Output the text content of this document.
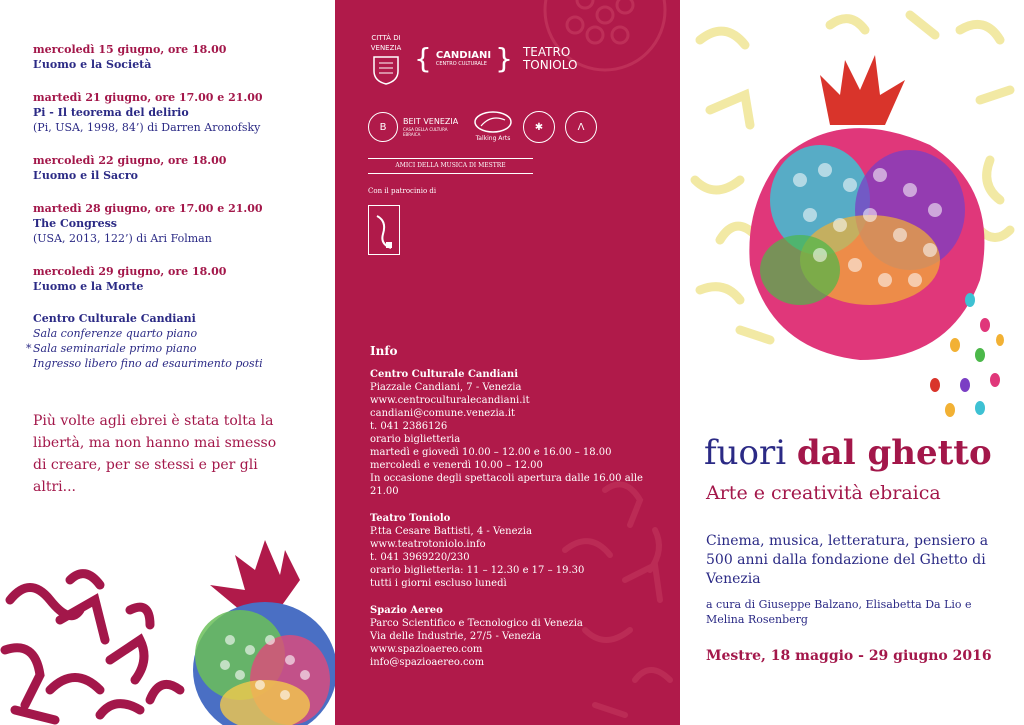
mercoledì 15 giugno, ore 18.00
L’uomo e la Società
martedì 21 giugno, ore 17.00 e 21.00
Pi - Il teorema del delirio
(Pi, USA, 1998, 84’) di Darren Aronofsky
mercoledì 22 giugno, ore 18.00
L’uomo e il Sacro
martedì 28 giugno, ore 17.00 e 21.00
The Congress
(USA, 2013, 122’) di Ari Folman
mercoledì 29 giugno, ore 18.00
L’uomo e la Morte
Centro Culturale Candiani
Sala conferenze quarto piano
* Sala seminariale primo piano
Ingresso libero fino ad esaurimento posti
Più volte agli ebrei è stata tolta la libertà, ma non hanno mai smesso di creare, per se stessi e per gli altri...
CITTÀ DI VENEZIA { CANDIANI
CENTRO CULTURALE } TEATRO TONIOLO
B	BEIT VENEZIA
CASA DELLA CULTURA EBRAICA
Talking Arts
✱	Λ
AMICI DELLA MUSICA DI MESTRE
Con il patrocinio di
Info
Centro Culturale Candiani
Piazzale Candiani, 7 - Venezia
www.centroculturalecandiani.it
candiani@comune.venezia.it
t. 041 2386126
orario biglietteria
martedì e giovedì 10.00 – 12.00 e 16.00 – 18.00
mercoledì e venerdì 10.00 – 12.00
In occasione degli spettacoli apertura dalle 16.00 alle 21.00
Teatro Toniolo
P.tta Cesare Battisti, 4 - Venezia
www.teatrotoniolo.info
t. 041 3969220/230
orario biglietteria: 11 – 12.30 e 17 – 19.30
tutti i giorni escluso lunedì
Spazio Aereo
Parco Scientifico e Tecnologico di Venezia
Via delle Industrie, 27/5 - Venezia
www.spazioaereo.com
info@spazioaereo.com
fuori dal ghetto
Arte e creatività ebraica
Cinema, musica, letteratura, pensiero a 500 anni dalla fondazione del Ghetto di Venezia
a cura di Giuseppe Balzano, Elisabetta Da Lio e Melina Rosenberg
Mestre, 18 maggio - 29 giugno 2016
